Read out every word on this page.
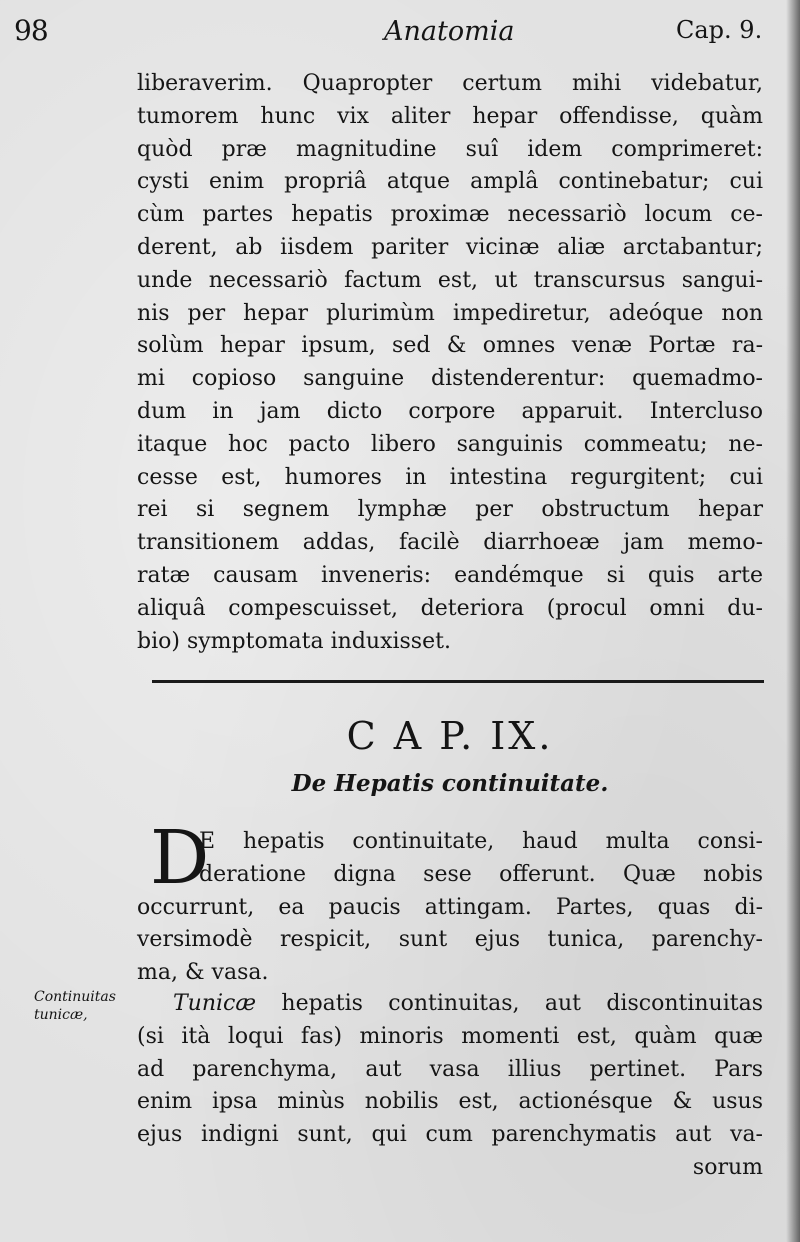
98	Anatomia	Cap. 9.
liberaverim. Quapropter certum mihi videbatur,
tumorem hunc vix aliter hepar offendisse, quàm
quòd præ magnitudine suî idem comprimeret:
cysti enim propriâ atque amplâ continebatur; cui
cùm partes hepatis proximæ necessariò locum ce-
derent, ab iisdem pariter vicinæ aliæ arctabantur;
unde necessariò factum est, ut transcursus sangui-
nis per hepar plurimùm impediretur, adeóque non
solùm hepar ipsum, sed & omnes venæ Portæ ra-
mi copioso sanguine distenderentur: quemadmo-
dum in jam dicto corpore apparuit. Intercluso
itaque hoc pacto libero sanguinis commeatu; ne-
cesse est, humores in intestina regurgitent; cui
rei si segnem lymphæ per obstructum hepar
transitionem addas, facilè diarrhoeæ jam memo-
ratæ causam inveneris: eandémque si quis arte
aliquâ compescuisset, deteriora (procul omni du-
bio) symptomata induxisset.
C A P. IX.
De Hepatis continuitate.
D
E hepatis continuitate, haud multa consi-
deratione digna sese offerunt. Quæ nobis
occurrunt, ea paucis attingam. Partes, quas di-
versimodè respicit, sunt ejus tunica, parenchy-
ma, & vasa.
Continuitas
tunicæ,	Tunicæ hepatis continuitas, aut discontinuitas
(si ità loqui fas) minoris momenti est, quàm quæ
ad parenchyma, aut vasa illius pertinet. Pars
enim ipsa minùs nobilis est, actionésque & usus
ejus indigni sunt, qui cum parenchymatis aut va-
sorum
